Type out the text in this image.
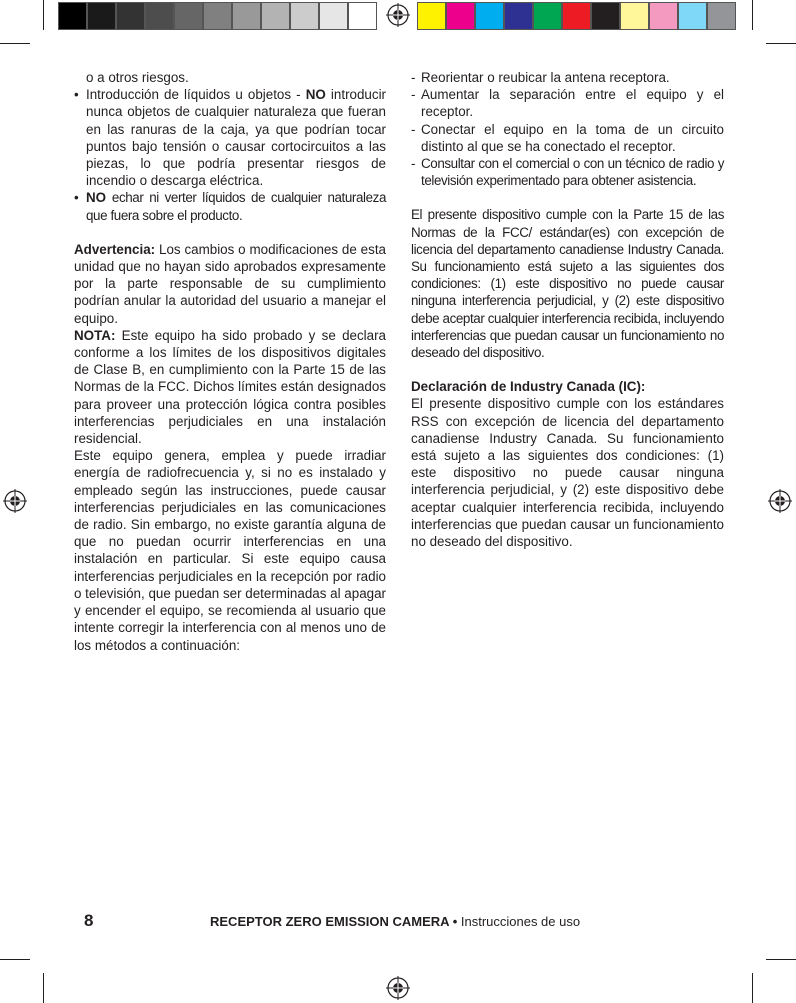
o a otros riesgos.

• Introducción de líquidos u objetos - NO introducir nunca objetos de cualquier naturaleza que fueran en las ranuras de la caja, ya que podrían tocar puntos bajo tensión o causar cortocircuitos a las piezas, lo que podría presentar riesgos de incendio o descarga eléctrica.

• NO echar ni verter líquidos de cualquier naturaleza que fuera sobre el producto.

Advertencia: Los cambios o modificaciones de esta unidad que no hayan sido aprobados expresamente por la parte responsable de su cumplimiento podrían anular la autoridad del usuario a manejar el equipo.

NOTA: Este equipo ha sido probado y se declara conforme a los límites de los dispositivos digitales de Clase B, en cumplimiento con la Parte 15 de las Normas de la FCC. Dichos límites están designados para proveer una protección lógica contra posibles interferencias perjudiciales en una instalación residencial.

Este equipo genera, emplea y puede irradiar energía de radiofrecuencia y, si no es instalado y empleado según las instrucciones, puede causar interferencias perjudiciales en las comunicaciones de radio. Sin embargo, no existe garantía alguna de que no puedan ocurrir interferencias en una instalación en particular. Si este equipo causa interferencias perjudiciales en la recepción por radio o televisión, que puedan ser determinadas al apagar y encender el equipo, se recomienda al usuario que intente corregir la interferencia con al menos uno de los métodos a continuación:

- Reorientar o reubicar la antena receptora.

- Aumentar la separación entre el equipo y el receptor.

- Conectar el equipo en la toma de un circuito distinto al que se ha conectado el receptor.

- Consultar con el comercial o con un técnico de radio y televisión experimentado para obtener asistencia.

El presente dispositivo cumple con la Parte 15 de las Normas de la FCC/ estándar(es) con excepción de licencia del departamento canadiense Industry Canada. Su funcionamiento está sujeto a las siguientes dos condiciones: (1) este dispositivo no puede causar ninguna interferencia perjudicial, y (2) este dispositivo debe aceptar cualquier interferencia recibida, incluyendo interferencias que puedan causar un funcionamiento no deseado del dispositivo.

Declaración de Industry Canada (IC):

El presente dispositivo cumple con los estándares RSS con excepción de licencia del departamento canadiense Industry Canada. Su funcionamiento está sujeto a las siguientes dos condiciones: (1) este dispositivo no puede causar ninguna interferencia perjudicial, y (2) este dispositivo debe aceptar cualquier interferencia recibida, incluyendo interferencias que puedan causar un funcionamiento no deseado del dispositivo.

8	RECEPTOR ZERO EMISSION CAMERA • Instrucciones de uso
